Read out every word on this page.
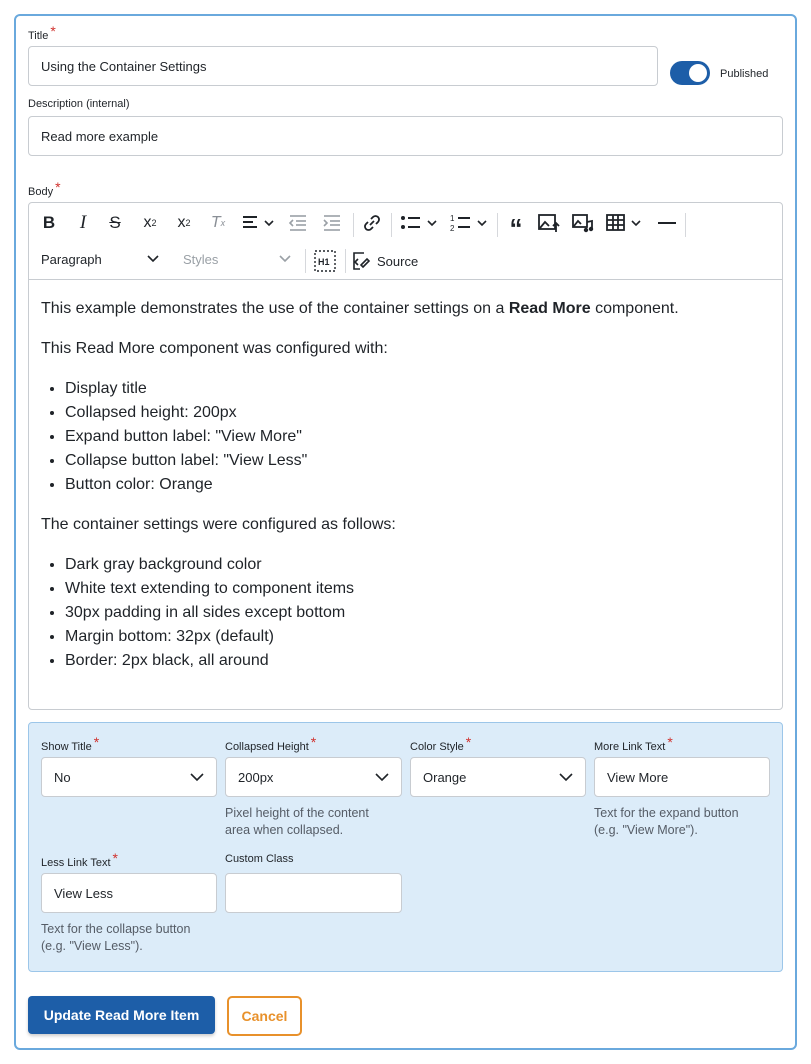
Title *
Using the Container Settings
Published
Description (internal)
Read more example
Body *
B	I	S	x 2	x 2	T x	1
2 “
Paragraph	Styles	H1	Source

This example demonstrates the use of the container settings on a Read More component.

This Read More component was configured with:

• Display title
• Collapsed height: 200px
• Expand button label: "View More"
• Collapse button label: "View Less"
• Button color: Orange

The container settings were configured as follows:

• Dark gray background color
• White text extending to component items
• 30px padding in all sides except bottom
• Margin bottom: 32px (default)
• Border: 2px black, all around
Show Title *
No
Collapsed Height *
200px
Pixel height of the content
area when collapsed.
Color Style *
Orange
More Link Text *
View More
Text for the expand button
(e.g. "View More").
Less Link Text *
View Less
Text for the collapse button
(e.g. "View Less").
Custom Class
Update Read More Item	Cancel
